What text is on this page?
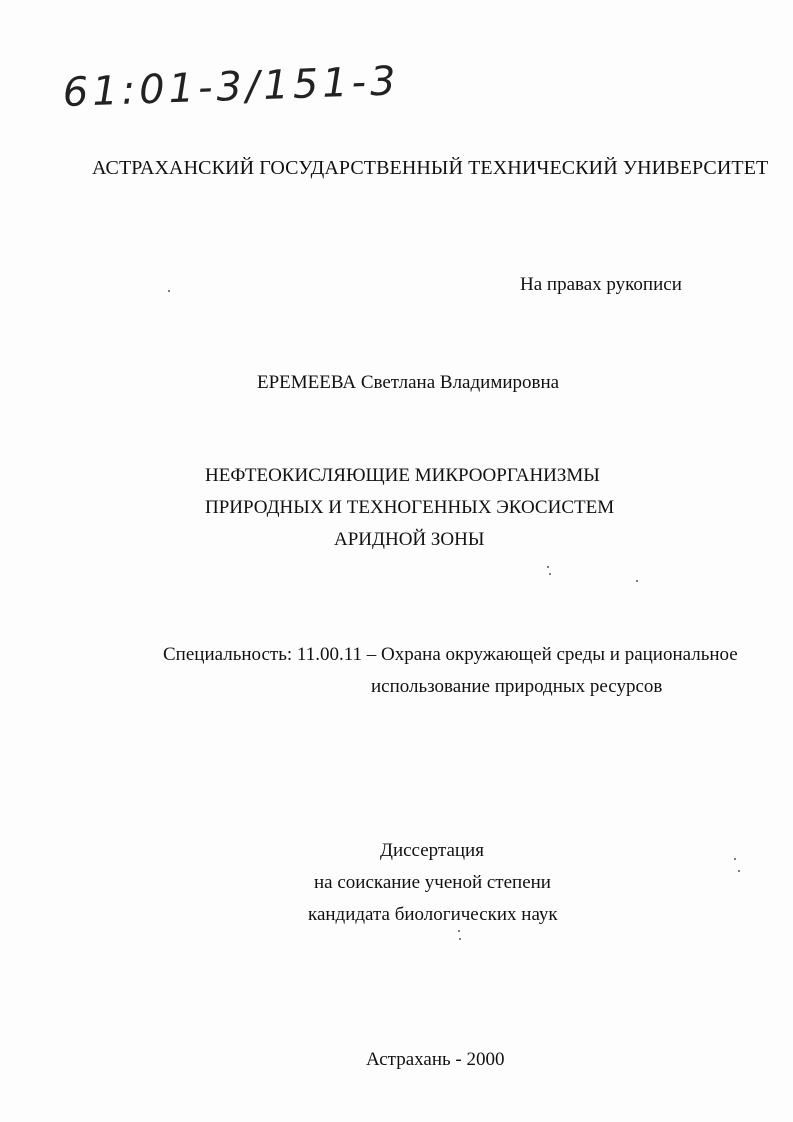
61:01-3/151-3
АСТРАХАНСКИЙ ГОСУДАРСТВЕННЫЙ ТЕХНИЧЕСКИЙ УНИВЕРСИТЕТ
На правах рукописи
ЕРЕМЕЕВА Светлана Владимировна
НЕФТЕОКИСЛЯЮЩИЕ МИКРООРГАНИЗМЫ
ПРИРОДНЫХ И ТЕХНОГЕННЫХ ЭКОСИСТЕМ
АРИДНОЙ ЗОНЫ
Специальность: 11.00.11 – Охрана окружающей среды и рациональное
использование природных ресурсов
Диссертация
на соискание ученой степени
кандидата биологических наук
Астрахань - 2000
